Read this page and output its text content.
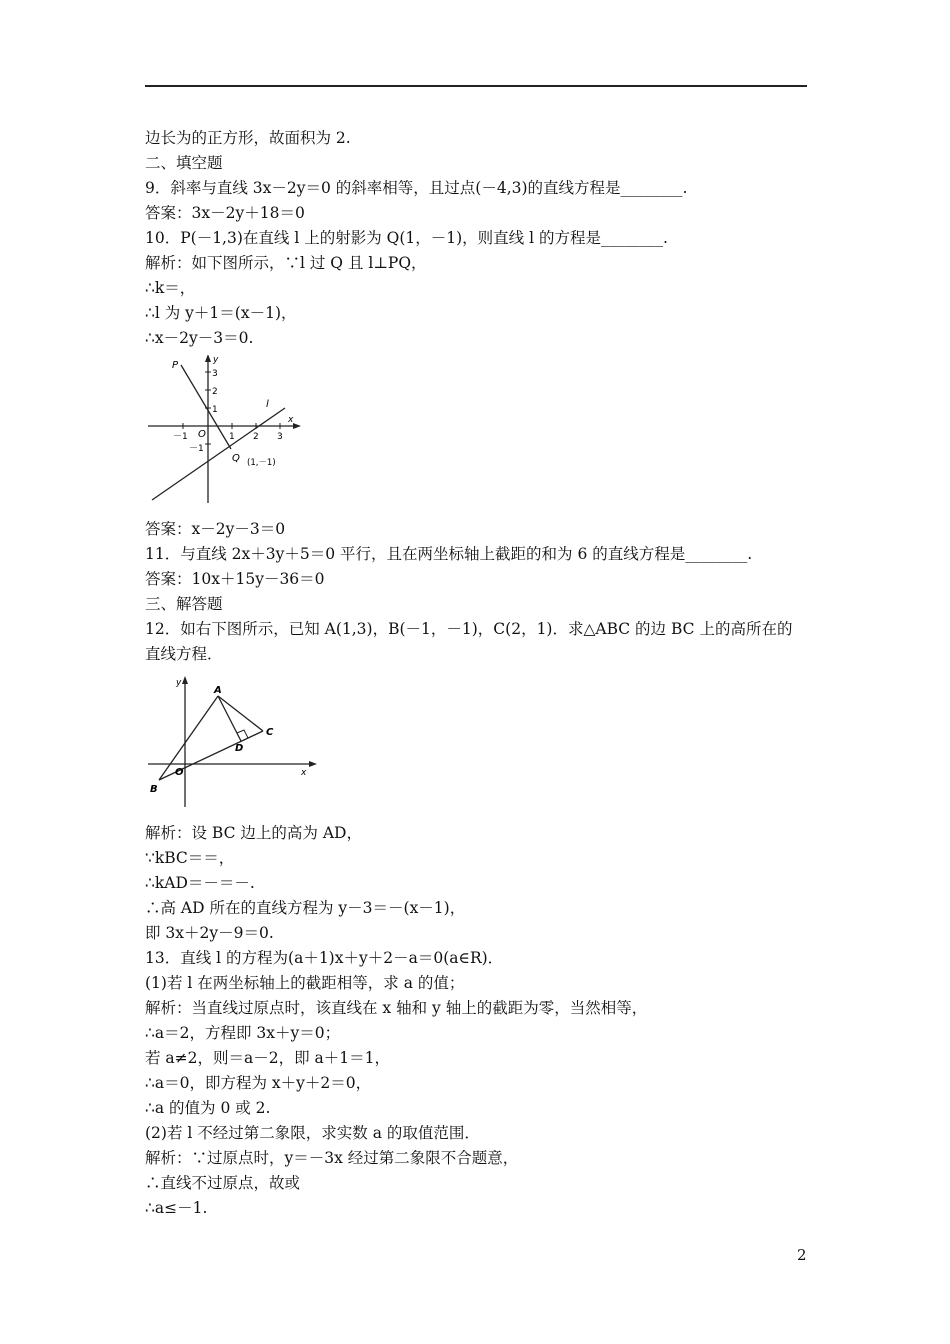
边长为的正方形，故面积为 2.
二、填空题
9．斜率与直线 3x－2y＝0 的斜率相等，且过点(－4,3)的直线方程是________.
答案：3x－2y＋18＝0
10．P(－1,3)在直线 l 上的射影为 Q(1，－1)，则直线 l 的方程是________.
解析：如下图所示，∵l 过 Q 且 l⊥PQ，
∴k＝，
∴l 为 y＋1＝(x－1)，
∴x－2y－3＝0.
P	y
x
O
l
Q (1,－1)
3
2
1
－1	1 2 3
－1
答案：x－2y－3＝0
11．与直线 2x＋3y＋5＝0 平行，且在两坐标轴上截距的和为 6 的直线方程是________.
答案：10x＋15y－36＝0
三、解答题
12．如右下图所示，已知 A(1,3)，B(－1，－1)，C(2，1)．求△ABC 的边 BC 上的高所在的直线方程．
y
x
A
B
C
D
O
解析：设 BC 边上的高为 AD，
∵kBC＝＝，
∴kAD＝－＝－.
∴高 AD 所在的直线方程为 y－3＝－(x－1)，
即 3x＋2y－9＝0.
13．直线 l 的方程为(a＋1)x＋y＋2－a＝0(a∈R)．
(1)若 l 在两坐标轴上的截距相等，求 a 的值；
解析：当直线过原点时，该直线在 x 轴和 y 轴上的截距为零，当然相等，
∴a＝2，方程即 3x＋y＝0；
若 a≠2，则＝a－2，即 a＋1＝1，
∴a＝0，即方程为 x＋y＋2＝0，
∴a 的值为 0 或 2.
(2)若 l 不经过第二象限，求实数 a 的取值范围．
解析：∵过原点时，y＝－3x 经过第二象限不合题意，
∴直线不过原点，故或
∴a≤－1.
2
